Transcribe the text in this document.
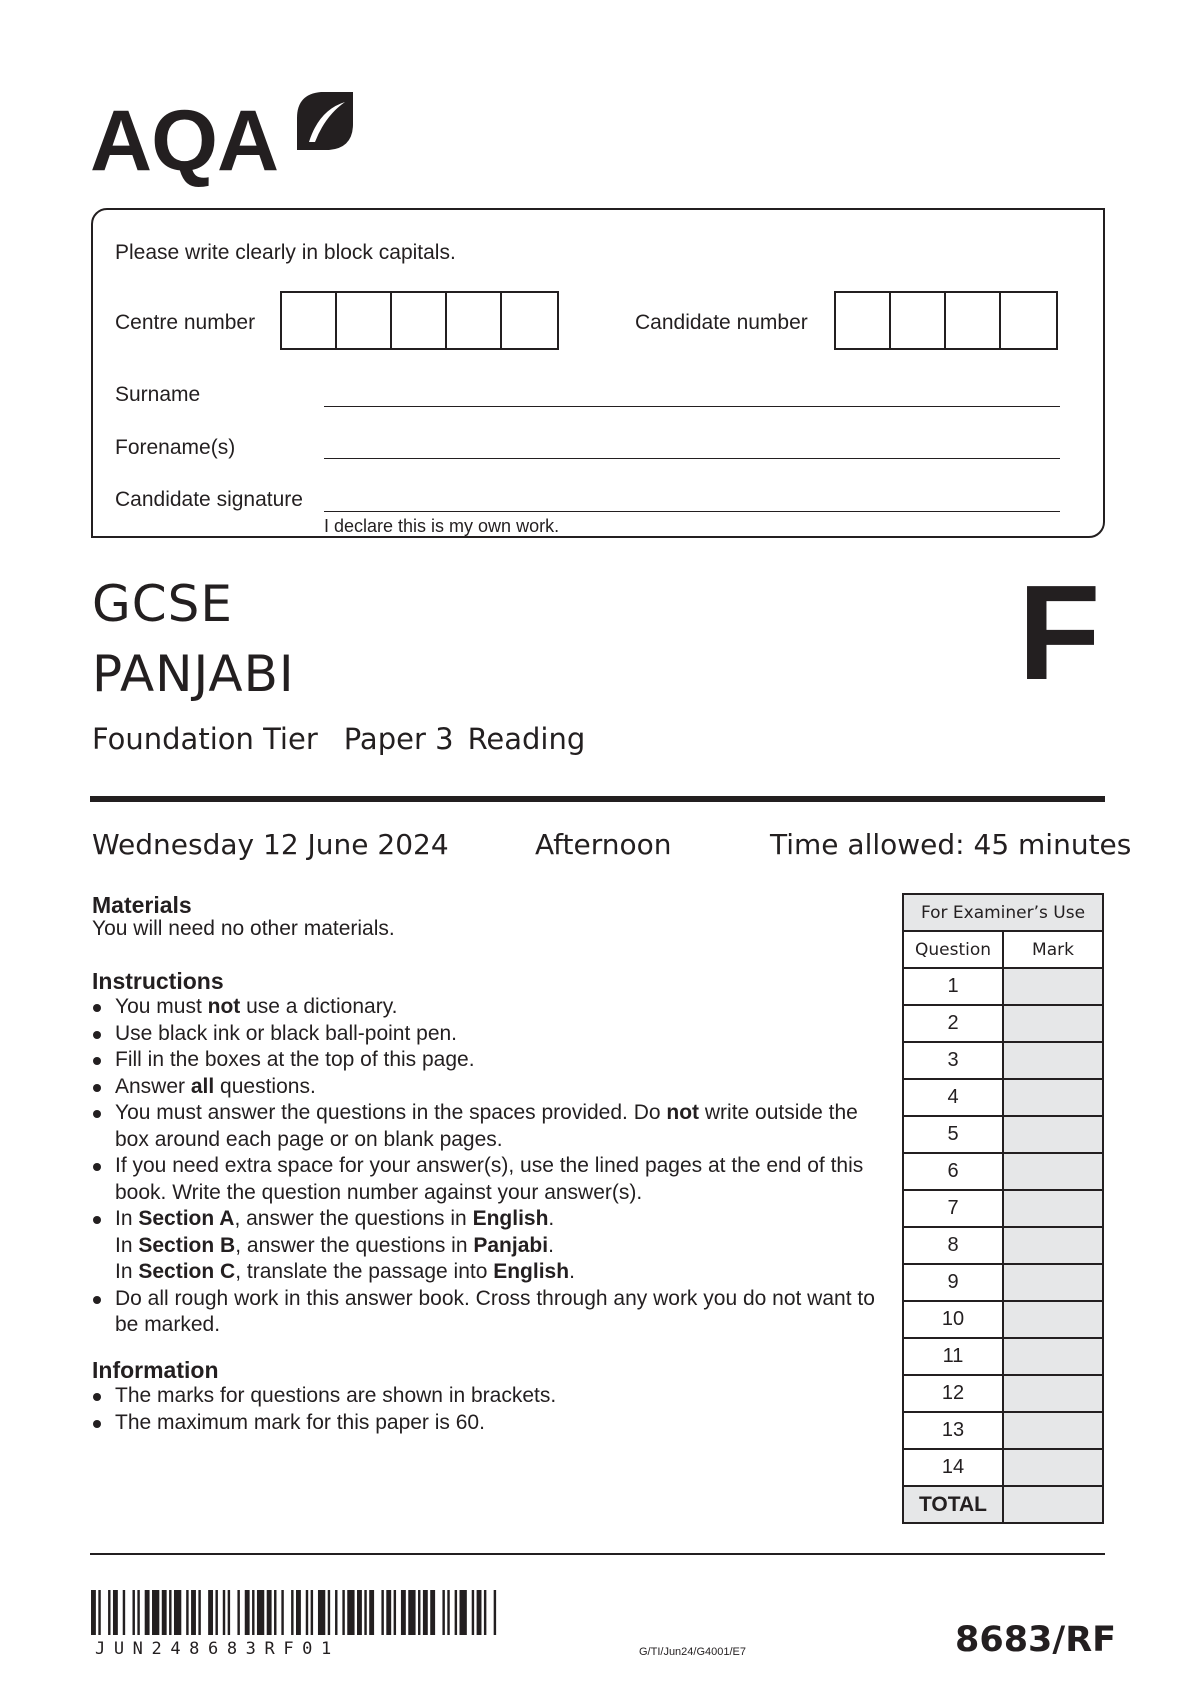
AQA
Please write clearly in block capitals.
Centre number	Candidate number
Surname
Forename(s)
Candidate signature
I declare this is my own work.
GCSE
PANJABI	F
Foundation Tier Paper 3 Reading
Wednesday 12 June 2024	Afternoon	Time allowed: 45 minutes
Materials
You will need no other materials.
Instructions
You must not use a dictionary.
Use black ink or black ball-point pen.
Fill in the boxes at the top of this page.
Answer all questions.
You must answer the questions in the spaces provided. Do not write outside the box around each page or on blank pages.
If you need extra space for your answer(s), use the lined pages at the end of this book. Write the question number against your answer(s).
In Section A, answer the questions in English.
In Section B, answer the questions in Panjabi.
In Section C, translate the passage into English.
Do all rough work in this answer book. Cross through any work you do not want to be marked.
Information
The marks for questions are shown in brackets.
The maximum mark for this paper is 60.
For Examiner’s Use
Question	Mark
1
2
3
4
5
6
7
8
9
10
11
12
13
14
TOTAL
JUN248683RF01	G/TI/Jun24/G4001/E7	8683/RF
